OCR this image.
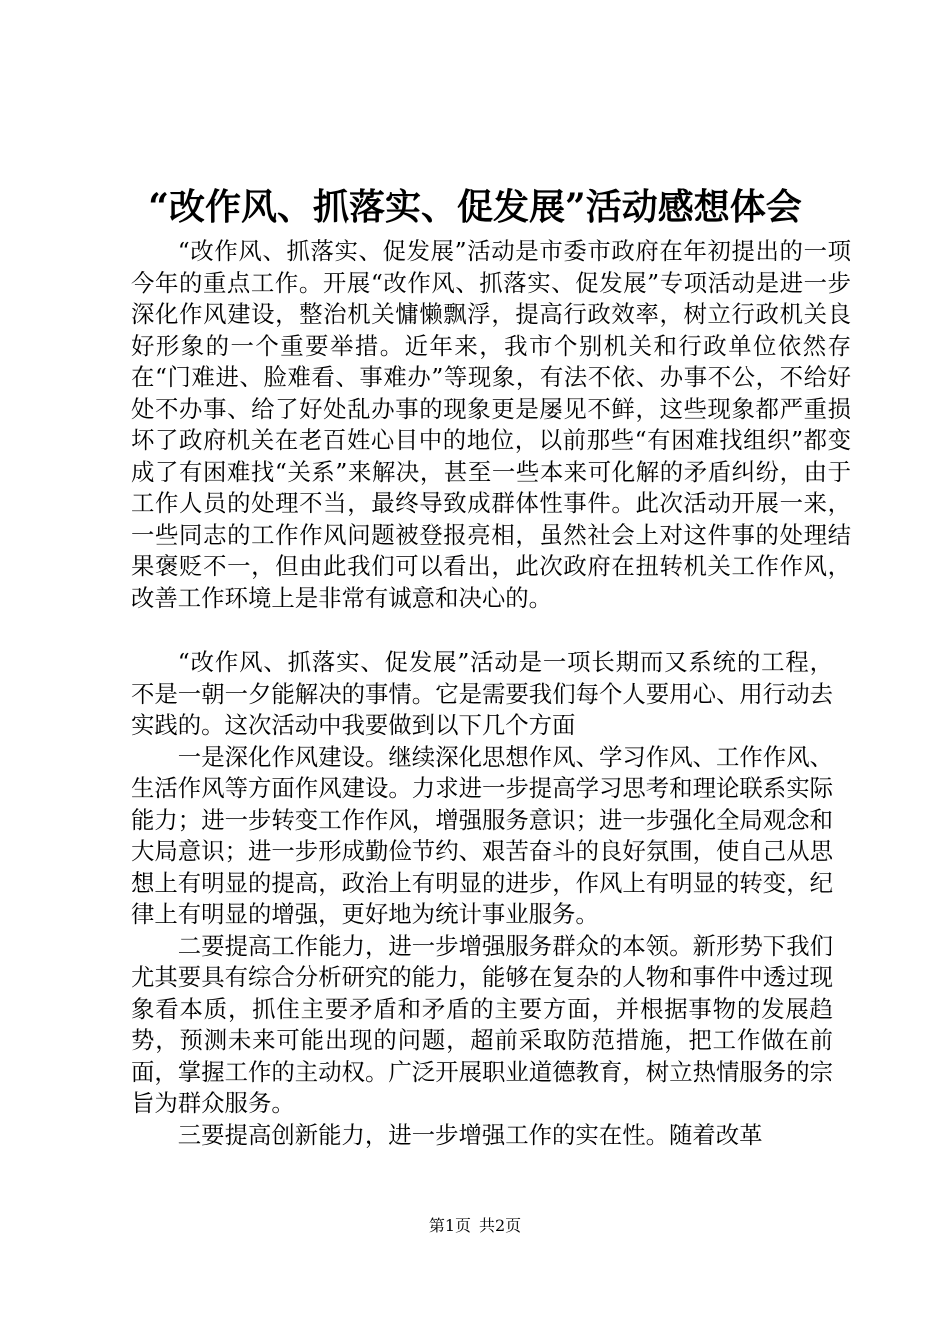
“改作风、抓落实、促发展”活动感想体会

“改作风、抓落实、促发展”活动是市委市政府在年初提出的一项今年的重点工作。开展“改作风、抓落实、促发展”专项活动是进一步深化作风建设，整治机关慵懒飘浮，提高行政效率，树立行政机关良好形象的一个重要举措。近年来，我市个别机关和行政单位依然存在“门难进、脸难看、事难办”等现象，有法不依、办事不公，不给好处不办事、给了好处乱办事的现象更是屡见不鲜，这些现象都严重损坏了政府机关在老百姓心目中的地位，以前那些“有困难找组织”都变成了有困难找“关系”来解决，甚至一些本来可化解的矛盾纠纷，由于工作人员的处理不当，最终导致成群体性事件。此次活动开展一来，一些同志的工作作风问题被登报亮相，虽然社会上对这件事的处理结果褒贬不一，但由此我们可以看出，此次政府在扭转机关工作作风，改善工作环境上是非常有诚意和决心的。

“改作风、抓落实、促发展”活动是一项长期而又系统的工程，不是一朝一夕能解决的事情。它是需要我们每个人要用心、用行动去实践的。这次活动中我要做到以下几个方面

一是深化作风建设。继续深化思想作风、学习作风、工作作风、生活作风等方面作风建设。力求进一步提高学习思考和理论联系实际能力；进一步转变工作作风，增强服务意识；进一步强化全局观念和大局意识；进一步形成勤俭节约、艰苦奋斗的良好氛围，使自己从思想上有明显的提高，政治上有明显的进步，作风上有明显的转变，纪律上有明显的增强，更好地为统计事业服务。

二要提高工作能力，进一步增强服务群众的本领。新形势下我们尤其要具有综合分析研究的能力，能够在复杂的人物和事件中透过现象看本质，抓住主要矛盾和矛盾的主要方面，并根据事物的发展趋势，预测未来可能出现的问题，超前采取防范措施，把工作做在前面，掌握工作的主动权。广泛开展职业道德教育，树立热情服务的宗旨为群众服务。

三要提高创新能力，进一步增强工作的实在性。随着改革

第1页 共2页
